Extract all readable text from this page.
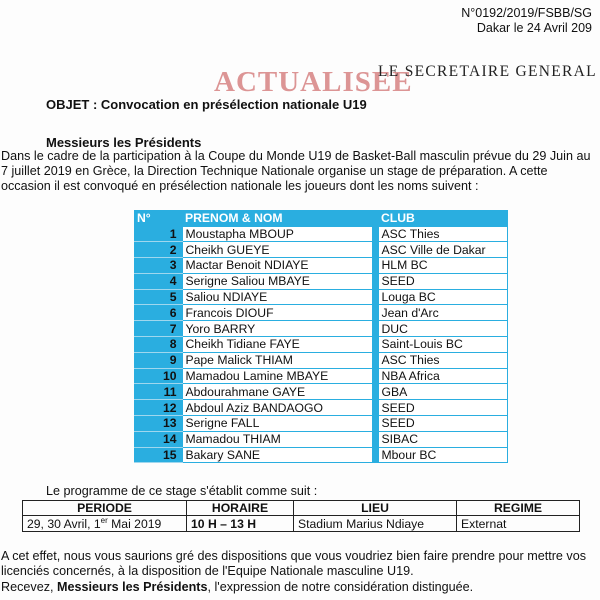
N°0192/2019/FSBB/SG
Dakar le 24 Avril 209
ACTUALISEE
LE SECRETAIRE GENERAL
OBJET : Convocation en présélection nationale U19
Messieurs les Présidents
Dans le cadre de la participation à la Coupe du Monde U19 de Basket-Ball masculin prévue du 29 Juin au 7 juillet 2019 en Grèce, la Direction Technique Nationale organise un stage de préparation. A cette occasion il est convoqué en présélection nationale les joueurs dont les noms suivent :
N°	PRENOM & NOM		CLUB
1	Moustapha MBOUP		ASC Thies
2	Cheikh GUEYE		ASC Ville de Dakar
3	Mactar Benoit NDIAYE		HLM BC
4	Serigne Saliou MBAYE		SEED
5	Saliou NDIAYE		Louga BC
6	Francois DIOUF		Jean d'Arc
7	Yoro BARRY		DUC
8	Cheikh Tidiane FAYE		Saint-Louis BC
9	Pape Malick THIAM		ASC Thies
10	Mamadou Lamine MBAYE		NBA Africa
11	Abdourahmane GAYE		GBA
12	Abdoul Aziz BANDAOGO		SEED
13	Serigne FALL		SEED
14	Mamadou THIAM		SIBAC
15	Bakary SANE		Mbour BC
Le programme de ce stage s'établit comme suit :
PERIODE	HORAIRE	LIEU	REGIME
29, 30 Avril, 1er Mai 2019	10 H – 13 H	Stadium Marius Ndiaye	Externat
A cet effet, nous vous saurions gré des dispositions que vous voudriez bien faire prendre pour mettre vos licenciés concernés, à la disposition de l'Equipe Nationale masculine U19.
Recevez, Messieurs les Présidents, l'expression de notre considération distinguée.
